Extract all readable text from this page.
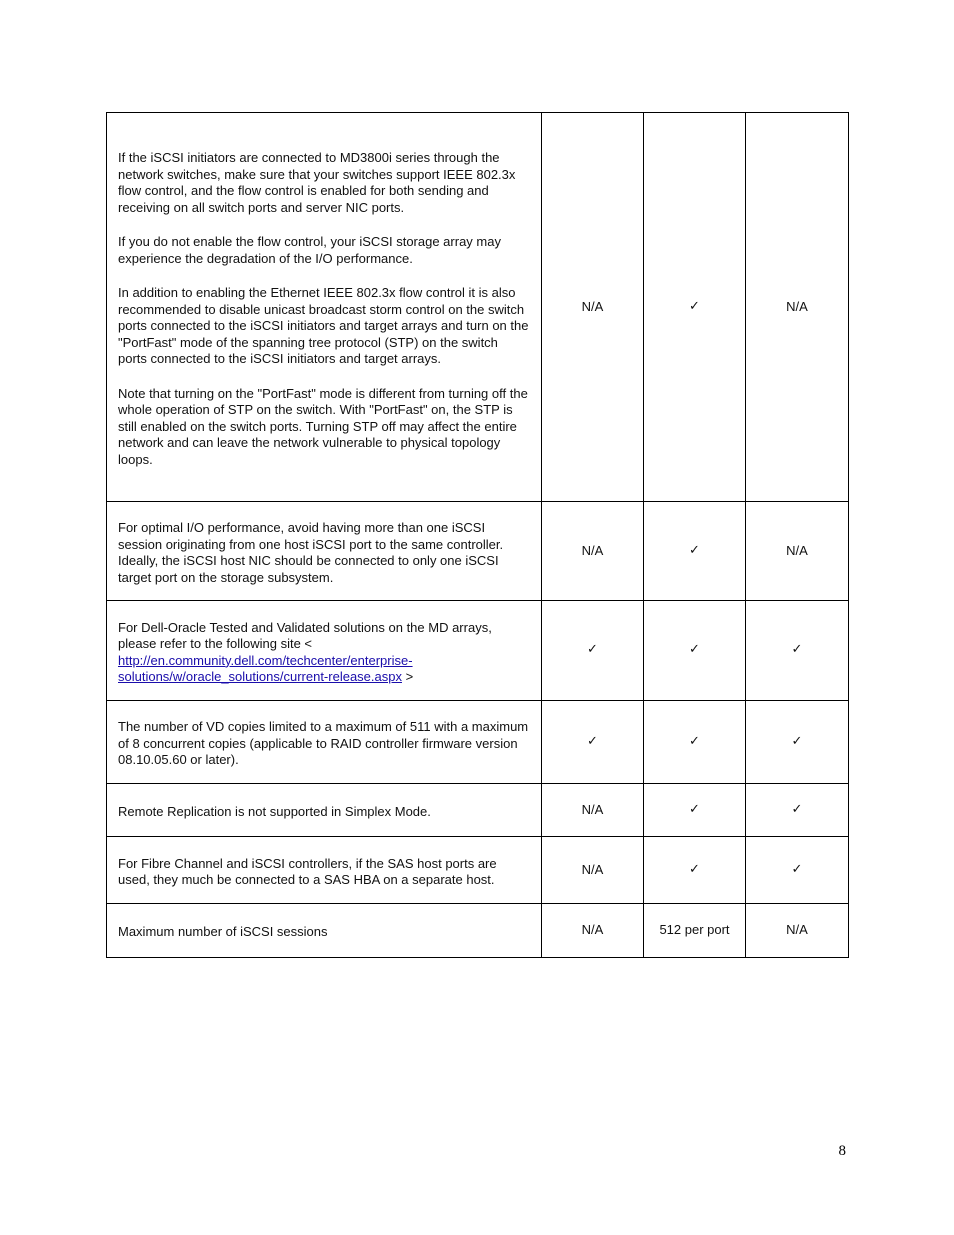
If the iSCSI initiators are connected to MD3800i series through the network switches, make sure that your switches support IEEE 802.3x flow control, and the flow control is enabled for both sending and receiving on all switch ports and server NIC ports.

If you do not enable the flow control, your iSCSI storage array may experience the degradation of the I/O performance.

In addition to enabling the Ethernet IEEE 802.3x flow control it is also recommended to disable unicast broadcast storm control on the switch ports connected to the iSCSI initiators and target arrays and turn on the "PortFast" mode of the spanning tree protocol (STP) on the switch ports connected to the iSCSI initiators and target arrays.

Note that turning on the "PortFast" mode is different from turning off the whole operation of STP on the switch. With "PortFast" on, the STP is still enabled on the switch ports. Turning STP off may affect the entire network and can leave the network vulnerable to physical topology loops.	N/A	✓	N/A
For optimal I/O performance, avoid having more than one iSCSI session originating from one host iSCSI port to the same controller. Ideally, the iSCSI host NIC should be connected to only one iSCSI target port on the storage subsystem.	N/A	✓	N/A
For Dell-Oracle Tested and Validated solutions on the MD arrays, please refer to the following site < http://en.community.dell.com/techcenter/enterprise-solutions/w/oracle_solutions/current-release.aspx >	✓	✓	✓
The number of VD copies limited to a maximum of 511 with a maximum of 8 concurrent copies (applicable to RAID controller firmware version 08.10.05.60 or later).	✓	✓	✓
Remote Replication is not supported in Simplex Mode.	N/A	✓	✓
For Fibre Channel and iSCSI controllers, if the SAS host ports are used, they much be connected to a SAS HBA on a separate host.	N/A	✓	✓
Maximum number of iSCSI sessions	N/A	512 per port	N/A
8
